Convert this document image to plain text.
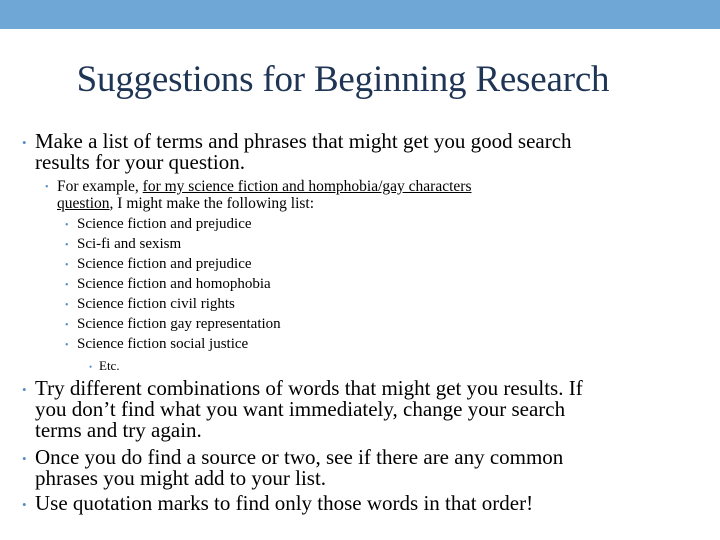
Suggestions for Beginning Research
• Make a list of terms and phrases that might get you good search
results for your question.
• For example, for my science fiction and homphobia/gay characters
question, I might make the following list:
• Science fiction and prejudice
• Sci-fi and sexism
• Science fiction and prejudice
• Science fiction and homophobia
• Science fiction civil rights
• Science fiction gay representation
• Science fiction social justice
• Etc.
• Try different combinations of words that might get you results. If
you don’t find what you want immediately, change your search
terms and try again.
• Once you do find a source or two, see if there are any common
phrases you might add to your list.
• Use quotation marks to find only those words in that order!
